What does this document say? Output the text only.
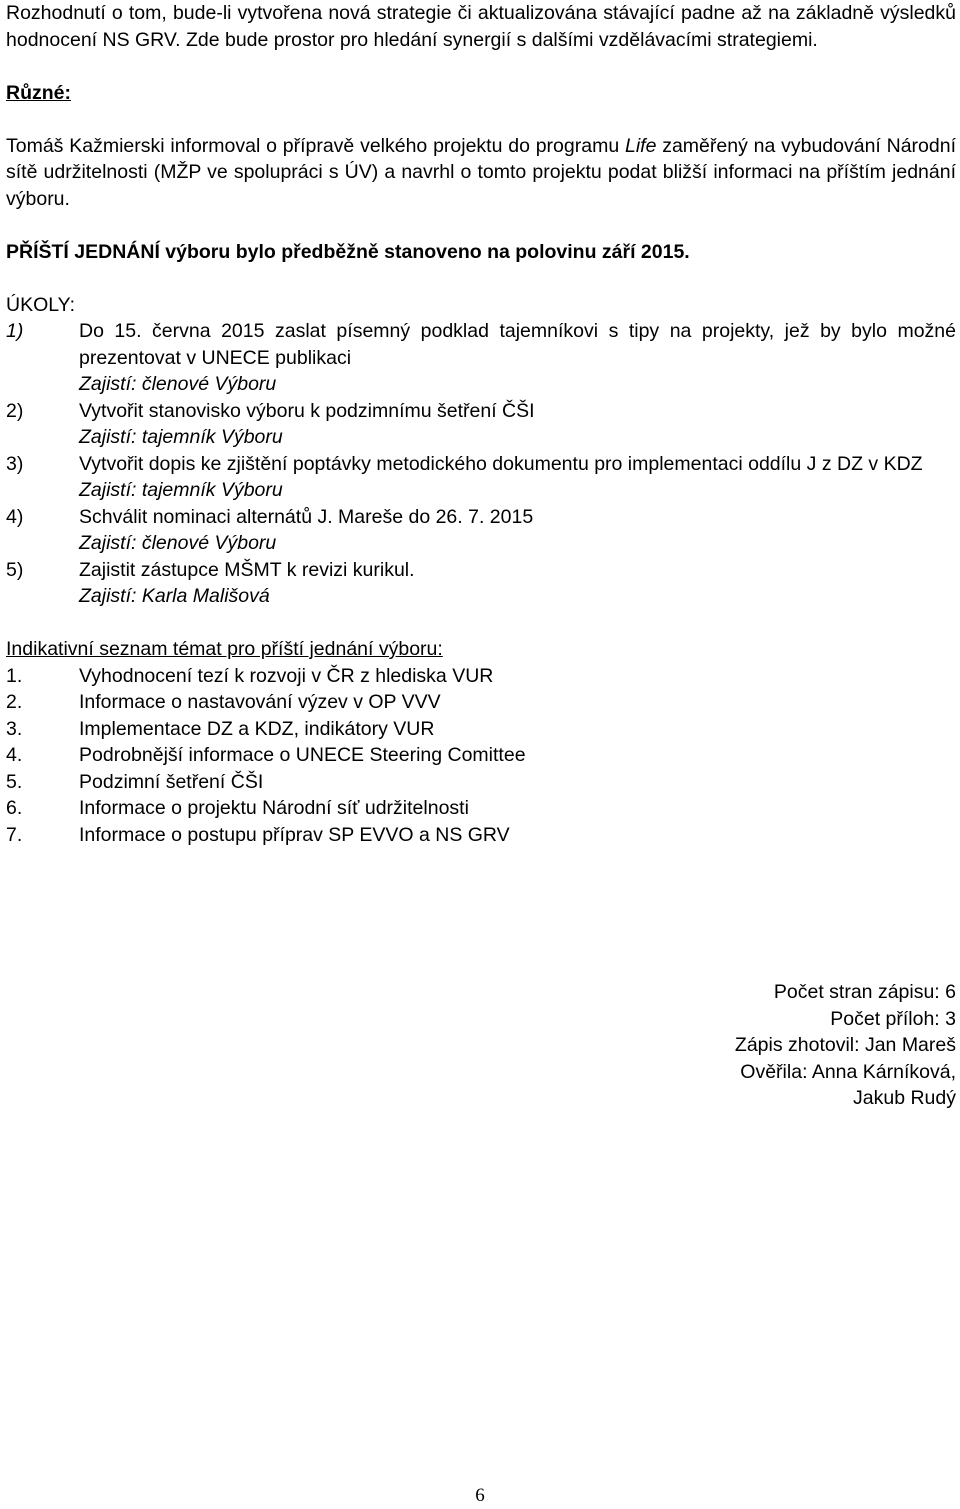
Rozhodnutí o tom, bude-li vytvořena nová strategie či aktualizována stávající padne až na základně výsledků hodnocení NS GRV. Zde bude prostor pro hledání synergií s dalšími vzdělávacími strategiemi.

Různé:

Tomáš Kažmierski informoval o přípravě velkého projektu do programu Life zaměřený na vybudování Národní sítě udržitelnosti (MŽP ve spolupráci s ÚV) a navrhl o tomto projektu podat bližší informaci na příštím jednání výboru.

PŘÍŠTÍ JEDNÁNÍ výboru bylo předběžně stanoveno na polovinu září 2015.

ÚKOLY:

1)	Do 15. června 2015 zaslat písemný podklad tajemníkovi s tipy na projekty, jež by bylo možné prezentovat v UNECE publikaci
Zajistí: členové Výboru
2)	Vytvořit stanovisko výboru k podzimnímu šetření ČŠI
Zajistí: tajemník Výboru
3)	Vytvořit dopis ke zjištění poptávky metodického dokumentu pro implementaci oddílu J z DZ v KDZ
Zajistí: tajemník Výboru
4)	Schválit nominaci alternátů J. Mareše do 26. 7. 2015
Zajistí: členové Výboru
5)	Zajistit zástupce MŠMT k revizi kurikul.
Zajistí: Karla Mališová

Indikativní seznam témat pro příští jednání výboru:

1.	Vyhodnocení tezí k rozvoji v ČR z hlediska VUR
2.	Informace o nastavování výzev v OP VVV
3.	Implementace DZ a KDZ, indikátory VUR
4.	Podrobnější informace o UNECE Steering Comittee
5.	Podzimní šetření ČŠI
6.	Informace o projektu Národní síť udržitelnosti
7.	Informace o postupu příprav SP EVVO a NS GRV
Počet stran zápisu: 6
Počet příloh: 3
Zápis zhotovil: Jan Mareš
Ověřila: Anna Kárníková,
Jakub Rudý
6
